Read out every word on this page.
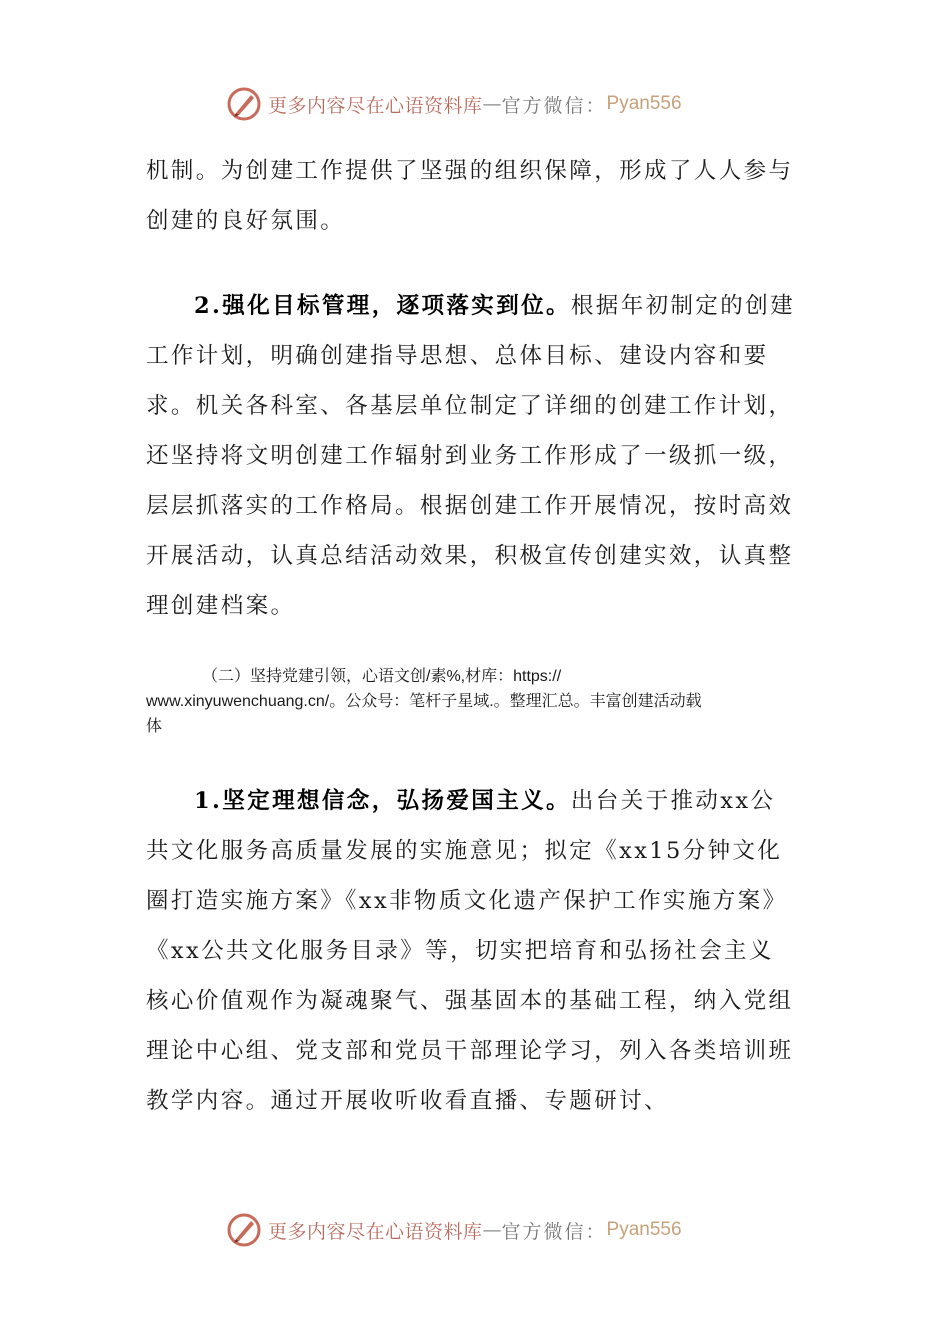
更多内容尽在心语资料库 — 官方微信： Pyan556

机制。为创建工作提供了坚强的组织保障，形成了人人参与创建的良好氛围。

2.强化目标管理，逐项落实到位。根据年初制定的创建工作计划，明确创建指导思想、总体目标、建设内容和要求。机关各科室、各基层单位制定了详细的创建工作计划，还坚持将文明创建工作辐射到业务工作形成了一级抓一级，层层抓落实的工作格局。根据创建工作开展情况，按时高效开展活动，认真总结活动效果，积极宣传创建实效，认真整理创建档案。

（二）坚持党建引领，心语文创/素%,材库：https://
www.xinyuwenchuang.cn/。公众号：笔杆子星域.。整理汇总。丰富创建活动载
体

1.坚定理想信念，弘扬爱国主义。出台关于推动xx公共文化服务高质量发展的实施意见；拟定《xx15分钟文化圈打造实施方案》《xx非物质文化遗产保护工作实施方案》《xx公共文化服务目录》等，切实把培育和弘扬社会主义核心价值观作为凝魂聚气、强基固本的基础工程，纳入党组理论中心组、党支部和党员干部理论学习，列入各类培训班教学内容。通过开展收听收看直播、专题研讨、

更多内容尽在心语资料库 — 官方微信： Pyan556
